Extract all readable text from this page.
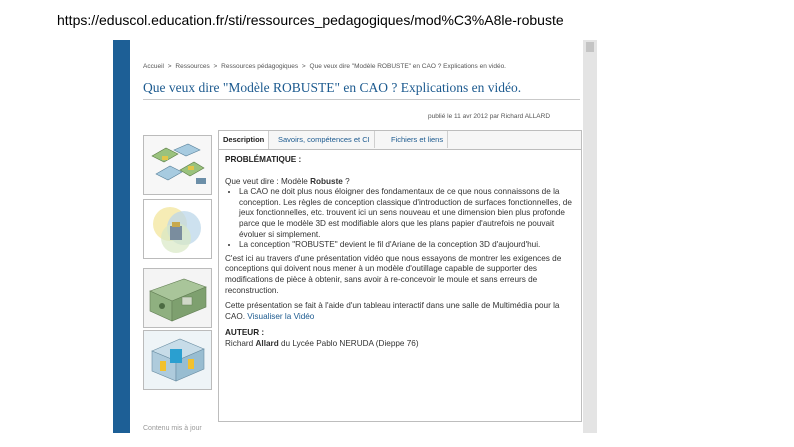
https://eduscol.education.fr/sti/ressources_pedagogiques/mod%C3%A8le-robuste
Accueil > Ressources > Ressources pédagogiques > Que veux dire "Modèle ROBUSTE" en CAO ? Explications en vidéo.
Que veux dire "Modèle ROBUSTE" en CAO ? Explications en vidéo.
publié le 11 avr 2012 par Richard ALLARD
Description	Savoirs, compétences et CI	Fichiers et liens
PROBLÉMATIQUE :

Que veut dire : Modèle Robuste ?

• La CAO ne doit plus nous éloigner des fondamentaux de ce que nous connaissons de la conception. Les règles de conception classique d'introduction de surfaces fonctionnelles, de jeux fonctionnelles, etc. trouvent ici un sens nouveau et une dimension bien plus profonde parce que le modèle 3D est modifiable alors que les plans papier d'autrefois ne pouvait évoluer si simplement.
• La conception "ROBUSTE" devient le fil d'Ariane de la conception 3D d'aujourd'hui.

C'est ici au travers d'une présentation vidéo que nous essayons de montrer les exigences de conceptions qui doivent nous mener à un modèle d'outillage capable de supporter des modifications de pièce à obtenir, sans avoir à re-concevoir le moule et sans erreurs de reconstruction.

Cette présentation se fait à l'aide d'un tableau interactif dans une salle de Multimédia pour la CAO. Visualiser la Vidéo

AUTEUR :

Richard Allard du Lycée Pablo NERUDA (Dieppe 76)

Contenu mis à jour
